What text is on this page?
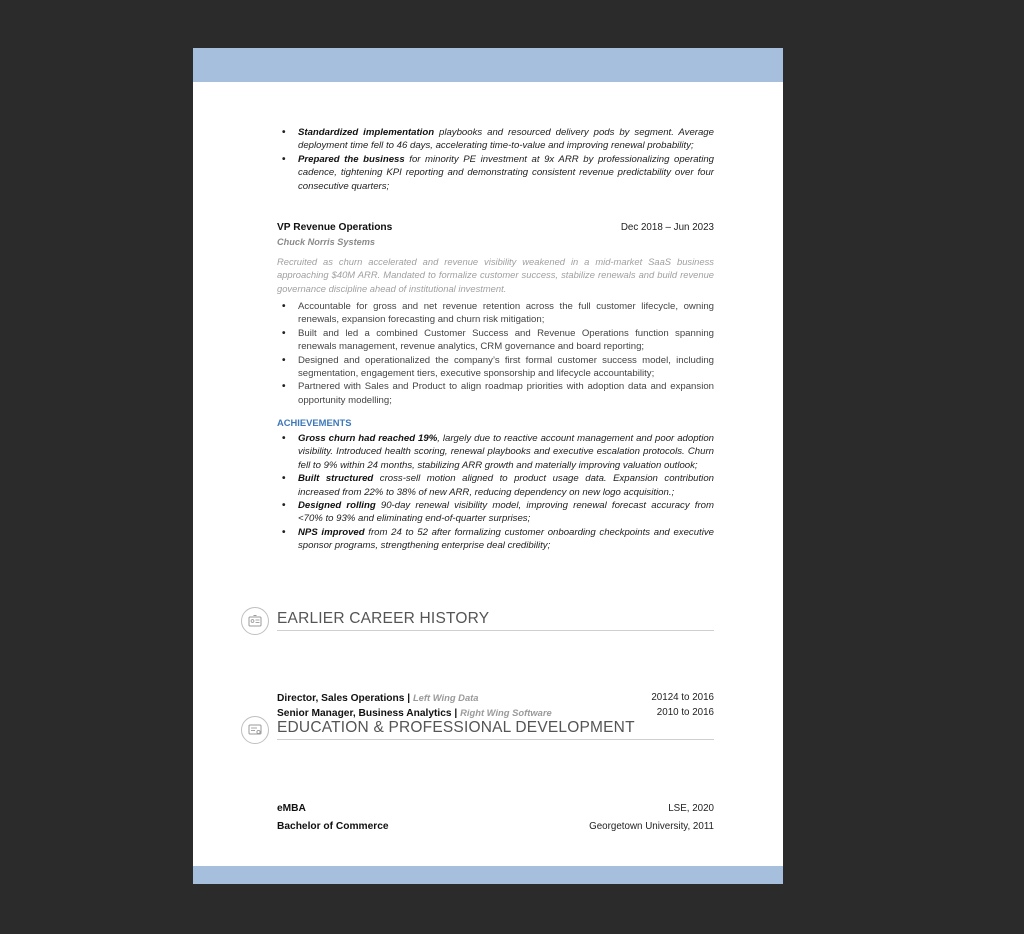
• Standardized implementation playbooks and resourced delivery pods by segment. Average deployment time fell to 46 days, accelerating time-to-value and improving renewal probability;
• Prepared the business for minority PE investment at 9x ARR by professionalizing operating cadence, tightening KPI reporting and demonstrating consistent revenue predictability over four consecutive quarters;
VP Revenue Operations	Dec 2018 – Jun 2023
Chuck Norris Systems
Recruited as churn accelerated and revenue visibility weakened in a mid-market SaaS business approaching $40M ARR. Mandated to formalize customer success, stabilize renewals and build revenue governance discipline ahead of institutional investment.
• Accountable for gross and net revenue retention across the full customer lifecycle, owning renewals, expansion forecasting and churn risk mitigation;
• Built and led a combined Customer Success and Revenue Operations function spanning renewals management, revenue analytics, CRM governance and board reporting;
• Designed and operationalized the company’s first formal customer success model, including segmentation, engagement tiers, executive sponsorship and lifecycle accountability;
• Partnered with Sales and Product to align roadmap priorities with adoption data and expansion opportunity modelling;
ACHIEVEMENTS
• Gross churn had reached 19%, largely due to reactive account management and poor adoption visibility. Introduced health scoring, renewal playbooks and executive escalation protocols. Churn fell to 9% within 24 months, stabilizing ARR growth and materially improving valuation outlook;
• Built structured cross-sell motion aligned to product usage data. Expansion contribution increased from 22% to 38% of new ARR, reducing dependency on new logo acquisition.;
• Designed rolling 90-day renewal visibility model, improving renewal forecast accuracy from <70% to 93% and eliminating end-of-quarter surprises;
• NPS improved from 24 to 52 after formalizing customer onboarding checkpoints and executive sponsor programs, strengthening enterprise deal credibility;
Director, Sales Operations | Left Wing Data	20124 to 2016
Senior Manager, Business Analytics | Right Wing Software	2010 to 2016
eMBA	LSE, 2020
Bachelor of Commerce	Georgetown University, 2011
EARLIER CAREER HISTORY
EDUCATION & PROFESSIONAL DEVELOPMENT
